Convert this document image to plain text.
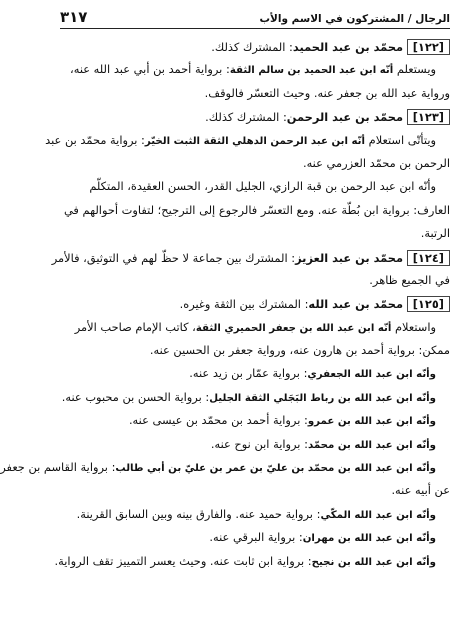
الرجال / المشتركون في الاسم والأب
٣١٧
[١٢٢] محمّد بن عبد الحميد: المشترك كذلك.
ويستعلم أنّه ابن عبد الحميد بن سالم الثقة: برواية أحمد بن أبي عبد الله عنه،
ورواية عبد الله بن جعفر عنه. وحيث التعسّر فالوقف.
[١٢٣] محمّد بن عبد الرحمن: المشترك كذلك.
ويتأتّى استعلام أنّه ابن عبد الرحمن الدهلي الثقة الثبت الخيّر: برواية محمّد بن عبد
الرحمن بن محمّد العزرمي عنه.
وأنّه ابن عبد الرحمن بن قبة الرازي، الجليل القدر، الحسن العقيدة، المتكلّم
العارف: برواية ابن بُطّة عنه. ومع التعسّر فالرجوع إلى الترجيح؛ لتفاوت أحوالهم في
الرتبة.
[١٢٤] محمّد بن عبد العزيز: المشترك بين جماعة لا حظّ لهم في التوثيق، فالأمر
في الجميع ظاهر.
[١٢٥] محمّد بن عبد الله: المشترك بين الثقة وغيره.
واستعلام أنّه ابن عبد الله بن جعفر الحميري الثقة، كاتب الإمام صاحب الأمر
ممكن: برواية أحمد بن هارون عنه، ورواية جعفر بن الحسين عنه.
وأنّه ابن عبد الله الجعفري: برواية عمّار بن زيد عنه.
وأنّه ابن عبد الله بن رباط البَجَلي الثقة الجليل: برواية الحسن بن محبوب عنه.
وأنّه ابن عبد الله بن عمرو: برواية أحمد بن محمّد بن عيسى عنه.
وأنّه ابن عبد الله بن محمّد: برواية ابن نوح عنه.
وأنّه ابن عبد الله بن محمّد بن عليّ بن عمر بن عليّ بن أبي طالب: برواية القاسم بن جعفر
عن أبيه عنه.
وأنّه ابن عبد الله المكّي: برواية حميد عنه. والفارق بينه وبين السابق القرينة.
وأنّه ابن عبد الله بن مهران: برواية البرقي عنه.
وأنّه ابن عبد الله بن نجيح: برواية ابن ثابت عنه. وحيث يعسر التمييز تقف الرواية.
